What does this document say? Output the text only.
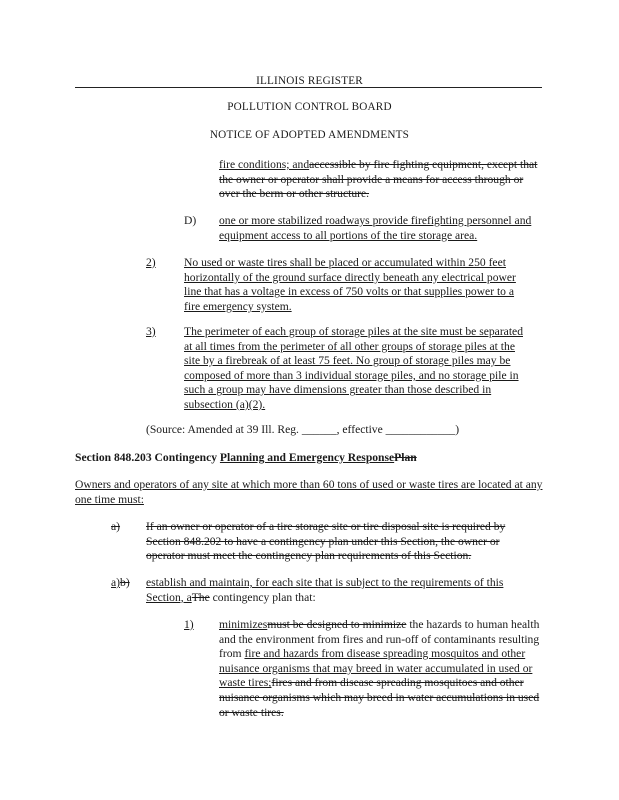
ILLINOIS REGISTER
POLLUTION CONTROL BOARD
NOTICE OF ADOPTED AMENDMENTS
fire conditions; andaccessible by fire fighting equipment, except that the owner or operator shall provide a means for access through or over the berm or other structure.
D) one or more stabilized roadways provide firefighting personnel and equipment access to all portions of the tire storage area.
2) No used or waste tires shall be placed or accumulated within 250 feet horizontally of the ground surface directly beneath any electrical power line that has a voltage in excess of 750 volts or that supplies power to a fire emergency system.
3) The perimeter of each group of storage piles at the site must be separated at all times from the perimeter of all other groups of storage piles at the site by a firebreak of at least 75 feet. No group of storage piles may be composed of more than 3 individual storage piles, and no storage pile in such a group may have dimensions greater than those described in subsection (a)(2).
(Source: Amended at 39 Ill. Reg. ______, effective ____________)
Section 848.203 Contingency Planning and Emergency ResponsePlan
Owners and operators of any site at which more than 60 tons of used or waste tires are located at any one time must:
a) If an owner or operator of a tire storage site or tire disposal site is required by Section 848.202 to have a contingency plan under this Section, the owner or operator must meet the contingency plan requirements of this Section.
a)b) establish and maintain, for each site that is subject to the requirements of this Section, aThe contingency plan that:
1) minimizesmust be designed to minimize the hazards to human health and the environment from fires and run-off of contaminants resulting from fire and hazards from disease spreading mosquitos and other nuisance organisms that may breed in water accumulated in used or waste tires;fires and from disease spreading mosquitoes and other nuisance organisms which may breed in water accumulations in used or waste tires.
